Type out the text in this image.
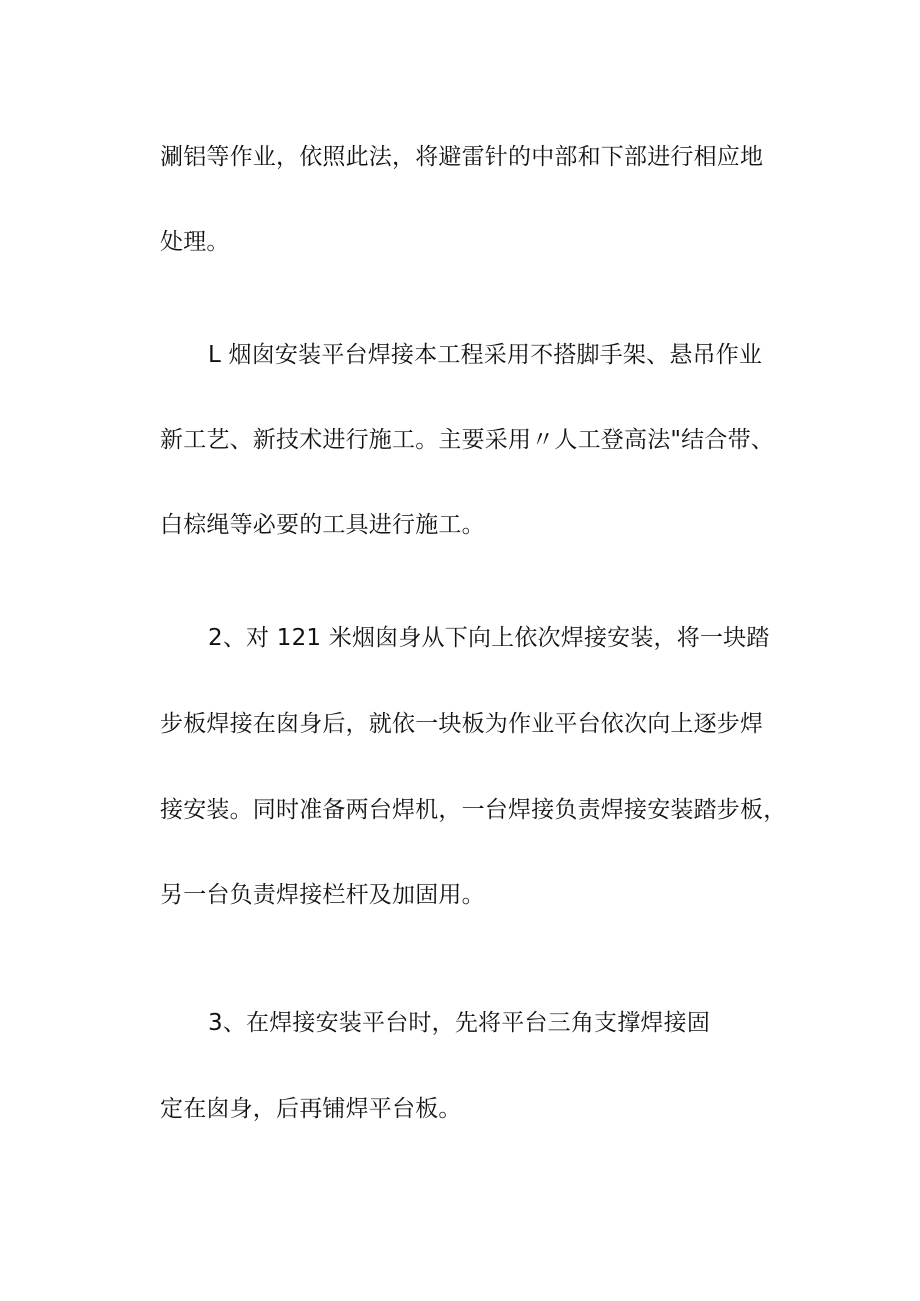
涮铝等作业，依照此法，将避雷针的中部和下部进行相应地
处理。
L 烟囱安装平台焊接本工程采用不搭脚手架、悬吊作业
新工艺、新技术进行施工。主要采用〃人工登高法"结合带、
白棕绳等必要的工具进行施工。
2、对 121 米烟囱身从下向上依次焊接安装，将一块踏
步板焊接在囱身后，就依一块板为作业平台依次向上逐步焊
接安装。同时准备两台焊机，一台焊接负责焊接安装踏步板，
另一台负责焊接栏杆及加固用。
3、在焊接安装平台时，先将平台三角支撑焊接固
定在囱身，后再铺焊平台板。
